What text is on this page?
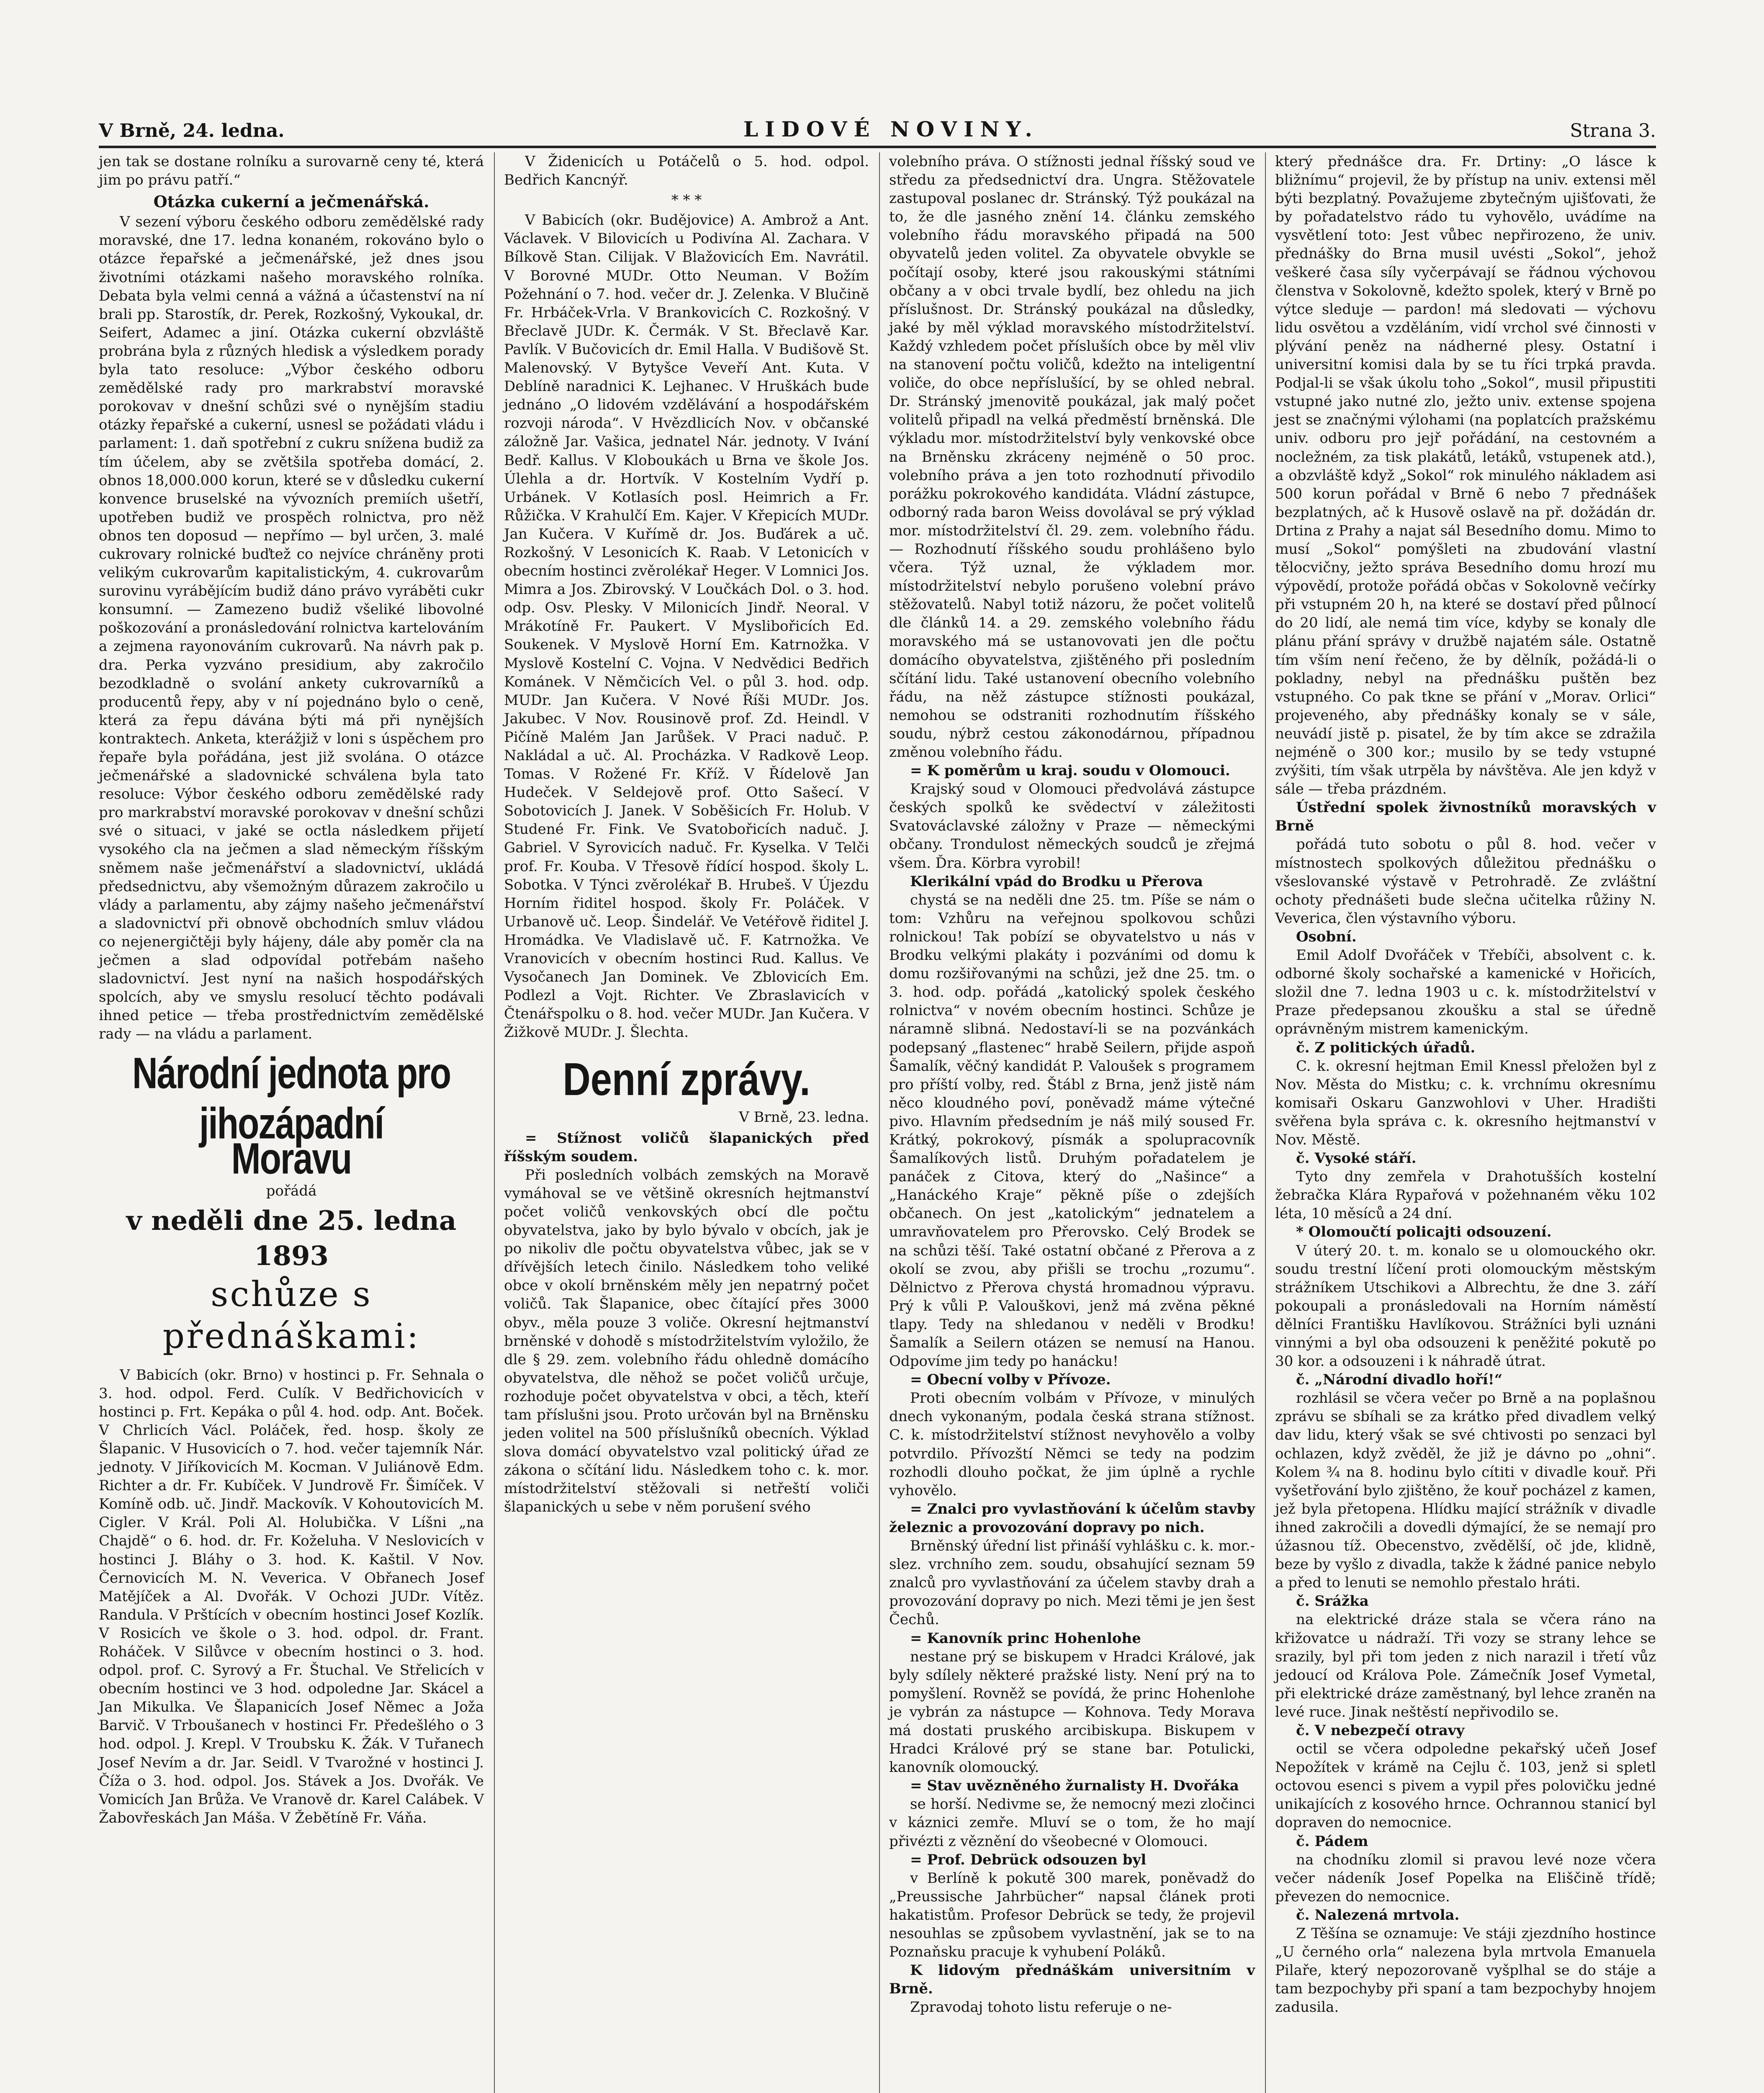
V Brně, 24. ledna.	LIDOVÉ NOVINY.	Strana 3.

jen tak se dostane rolníku a surovarně ceny té, která jim po právu patří.“

Otázka cukerní a ječmenářská.

V sezení výboru českého odboru zemědělské rady moravské, dne 17. ledna konaném, rokováno bylo o otázce řepařské a ječmenářské, jež dnes jsou životními otázkami našeho moravského rolníka. Debata byla velmi cenná a vážná a účastenství na ní brali pp. Starostík, dr. Perek, Rozkošný, Vykoukal, dr. Seifert, Adamec a jiní. Otázka cukerní obzvláště probrána byla z různých hledisk a výsledkem porady byla tato resoluce: „Výbor českého odboru zemědělské rady pro markrabství moravské porokovav v dnešní schůzi své o nynějším stadiu otázky řepařské a cukerní, usnesl se požádati vládu i parlament: 1. daň spotřební z cukru snížena budiž za tím účelem, aby se zvětšila spotřeba domácí, 2. obnos 18,000.000 korun, které se v důsledku cukerní konvence bruselské na vývozních premiích ušetří, upotřeben budiž ve prospěch rolnictva, pro něž obnos ten doposud — nepřímo — byl určen, 3. malé cukrovary rolnické buďtež co nejvíce chráněny proti velikým cukrovarům kapitalistickým, 4. cukrovarům surovinu vyrábějícím budiž dáno právo vyráběti cukr konsumní. — Zamezeno budiž všeliké libovolné poškozování a pronásledování rolnictva kartelováním a zejmena rayonováním cukrovarů. Na návrh pak p. dra. Perka vyzváno presidium, aby zakročilo bezodkladně o svolání ankety cukrovarníků a producentů řepy, aby v ní pojednáno bylo o ceně, která za řepu dávána býti má při nynějších kontraktech. Anketa, kterážjiž v loni s úspěchem pro řepaře byla pořádána, jest již svolána. O otázce ječmenářské a sladovnické schválena byla tato resoluce: Výbor českého odboru zemědělské rady pro markrabství moravské porokovav v dnešní schůzi své o situaci, v jaké se octla následkem přijetí vysokého cla na ječmen a slad německým říšským sněmem naše ječmenářství a sladovnictví, ukládá předsednictvu, aby všemožným důrazem zakročilo u vlády a parlamentu, aby zájmy našeho ječmenářství a sladovnictví při obnově obchodních smluv vládou co nejenergičtěji byly hájeny, dále aby poměr cla na ječmen a slad odpovídal potřebám našeho sladovnictví. Jest nyní na našich hospodářských spolcích, aby ve smyslu resolucí těchto podávali ihned petice — třeba prostřednictvím zemědělské rady — na vládu a parlament.

Národní jednota pro jihozápadní
Moravu
pořádá
v neděli dne 25. ledna 1893
schůze s přednáškami:

V Babicích (okr. Brno) v hostinci p. Fr. Sehnala o 3. hod. odpol. Ferd. Culík. V Bedřichovicích v hostinci p. Frt. Kepáka o půl 4. hod. odp. Ant. Boček. V Chrlicích Václ. Poláček, řed. hosp. školy ze Šlapanic. V Husovicích o 7. hod. večer tajemník Nár. jednoty. V Jiříkovicích M. Kocman. V Juliánově Edm. Richter a dr. Fr. Kubíček. V Jundrově Fr. Šimíček. V Komíně odb. uč. Jindř. Mackovík. V Kohoutovicích M. Cigler. V Král. Poli Al. Holubička. V Líšni „na Chajdě“ o 6. hod. dr. Fr. Koželuha. V Neslovicích v hostinci J. Bláhy o 3. hod. K. Kaštil. V Nov. Černovicích M. N. Veverica. V Obřanech Josef Matějíček a Al. Dvořák. V Ochozi JUDr. Vítěz. Randula. V Prštících v obecním hostinci Josef Kozlík. V Rosicích ve škole o 3. hod. odpol. dr. Frant. Roháček. V Silůvce v obecním hostinci o 3. hod. odpol. prof. C. Syrový a Fr. Štuchal. Ve Střelicích v obecním hostinci ve 3 hod. odpoledne Jar. Skácel a Jan Mikulka. Ve Šlapanicích Josef Němec a Joža Barvič. V Trboušanech v hostinci Fr. Předešlého o 3 hod. odpol. J. Krepl. V Troubsku K. Žák. V Tuřanech Josef Nevím a dr. Jar. Seidl. V Tvarožné v hostinci J. Číža o 3. hod. odpol. Jos. Stávek a Jos. Dvořák. Ve Vomicích Jan Brůža. Ve Vranově dr. Karel Calábek. V Žabovřeskách Jan Máša. V Žebětíně Fr. Váňa.

V Židenicích u Potáčelů o 5. hod. odpol. Bedřich Kancnýř.

* * *

V Babicích (okr. Budějovice) A. Ambrož a Ant. Václavek. V Bilovicích u Podivína Al. Zachara. V Bílkově Stan. Cilijak. V Blažovicích Em. Navrátil. V Borovné MUDr. Otto Neuman. V Božím Požehnání o 7. hod. večer dr. J. Zelenka. V Blučině Fr. Hrbáček-Vrla. V Brankovicích C. Rozkošný. V Břeclavě JUDr. K. Čermák. V St. Břeclavě Kar. Pavlík. V Bučovicích dr. Emil Halla. V Budišově St. Malenovský. V Bytyšce Veveří Ant. Kuta. V Deblíně naradnici K. Lejhanec. V Hruškách bude jednáno „O lidovém vzdělávání a hospodářském rozvoji národa“. V Hvězdlicích Nov. v občanské záložně Jar. Vašica, jednatel Nár. jednoty. V Ivání Bedř. Kallus. V Kloboukách u Brna ve škole Jos. Úlehla a dr. Hortvík. V Kostelním Vydří p. Urbánek. V Kotlasích posl. Heimrich a Fr. Růžička. V Krahulčí Em. Kajer. V Křepicích MUDr. Jan Kučera. V Kuřímě dr. Jos. Buďárek a uč. Rozkošný. V Lesonicích K. Raab. V Letonicích v obecním hostinci zvěrolékař Heger. V Lomnici Jos. Mimra a Jos. Zbirovský. V Loučkách Dol. o 3. hod. odp. Osv. Plesky. V Milonicích Jindř. Neoral. V Mrákotíně Fr. Paukert. V Myslibořicích Ed. Soukenek. V Myslově Horní Em. Katrnožka. V Myslově Kostelní C. Vojna. V Nedvědici Bedřich Kománek. V Němčicích Vel. o půl 3. hod. odp. MUDr. Jan Kučera. V Nové Říši MUDr. Jos. Jakubec. V Nov. Rousinově prof. Zd. Heindl. V Pičíně Malém Jan Jarůšek. V Praci naduč. P. Nakládal a uč. Al. Procházka. V Radkově Leop. Tomas. V Rožené Fr. Kříž. V Řídelově Jan Hudeček. V Seldejově prof. Otto Sašecí. V Sobotovicích J. Janek. V Soběšicích Fr. Holub. V Studené Fr. Fink. Ve Svatobořicích naduč. J. Gabriel. V Syrovicích naduč. Fr. Kyselka. V Telči prof. Fr. Kouba. V Třesově řídící hospod. školy L. Sobotka. V Týnci zvěrolékař B. Hrubeš. V Újezdu Horním řiditel hospod. školy Fr. Poláček. V Urbanově uč. Leop. Šindelář. Ve Vetéřově řiditel J. Hromádka. Ve Vladislavě uč. F. Katrnožka. Ve Vranovicích v obecním hostinci Rud. Kallus. Ve Vysočanech Jan Dominek. Ve Zblovicích Em. Podlezl a Vojt. Richter. Ve Zbraslavicích v Čtenářspolku o 8. hod. večer MUDr. Jan Kučera. V Žižkově MUDr. J. Šlechta.

Denní zprávy.
V Brně, 23. ledna.

= Stížnost voličů šlapanických před říšským soudem.

Při posledních volbách zemských na Moravě vymáhoval se ve většině okresních hejtmanství počet voličů venkovských obcí dle počtu obyvatelstva, jako by bylo bývalo v obcích, jak je po nikoliv dle počtu obyvatelstva vůbec, jak se v dřívějších letech činilo. Následkem toho veliké obce v okolí brněnském měly jen nepatrný počet voličů. Tak Šlapanice, obec čítající přes 3000 obyv., měla pouze 3 voliče. Okresní hejtmanství brněnské v dohodě s místodržitelstvím vyložilo, že dle § 29. zem. volebního řádu ohledně domácího obyvatelstva, dle něhož se počet voličů určuje, rozhoduje počet obyvatelstva v obci, a těch, kteří tam příslušni jsou. Proto určován byl na Brněnsku jeden volitel na 500 příslušníků obecních. Výklad slova domácí obyvatelstvo vzal politický úřad ze zákona o sčítání lidu. Následkem toho c. k. mor. místodržitelství stěžovali si netřeští voliči šlapanických u sebe v něm porušení svého

volebního práva. O stížnosti jednal říšský soud ve středu za předsednictví dra. Ungra. Stěžovatele zastupoval poslanec dr. Stránský. Týž poukázal na to, že dle jasného znění 14. článku zemského volebního řádu moravského připadá na 500 obyvatelů jeden volitel. Za obyvatele obvykle se počítají osoby, které jsou rakouskými státními občany a v obci trvale bydlí, bez ohledu na jich příslušnost. Dr. Stránský poukázal na důsledky, jaké by měl výklad moravského místodržitelství. Každý vzhledem počet přísluších obce by měl vliv na stanovení počtu voličů, kdežto na inteligentní voliče, do obce nepříslušící, by se ohled nebral. Dr. Stránský jmenovitě poukázal, jak malý počet volitelů připadl na velká předměstí brněnská. Dle výkladu mor. místodržitelství byly venkovské obce na Brněnsku zkráceny nejméně o 50 proc. volebního práva a jen toto rozhodnutí přivodilo porážku pokrokového kandidáta. Vládní zástupce, odborný rada baron Weiss dovolával se prý výklad mor. místodržitelství čl. 29. zem. volebního řádu. — Rozhodnutí říšského soudu prohlášeno bylo včera. Týž uznal, že výkladem mor. místodržitelství nebylo porušeno volební právo stěžovatelů. Nabyl totiž názoru, že počet volitelů dle článků 14. a 29. zemského volebního řádu moravského má se ustanovovati jen dle počtu domácího obyvatelstva, zjištěného při posledním sčítání lidu. Také ustanovení obecního volebního řádu, na něž zástupce stížnosti poukázal, nemohou se odstraniti rozhodnutím říšského soudu, nýbrž cestou zákonodárnou, případnou změnou volebního řádu.

= K poměrům u kraj. soudu v Olomouci.

Krajský soud v Olomouci předvolává zástupce českých spolků ke svědectví v záležitosti Svatováclavské záložny v Praze — německými občany. Trondulost německých soudců je zřejmá všem. Ďra. Körbra vyrobil!

Klerikální vpád do Brodku u Přerova

chystá se na neděli dne 25. tm. Píše se nám o tom: Vzhůru na veřejnou spolkovou schůzi rolnickou! Tak pobízí se obyvatelstvo u nás v Brodku velkými plakáty i pozváními od domu k domu rozšiřovanými na schůzi, jež dne 25. tm. o 3. hod. odp. pořádá „katolický spolek českého rolnictva“ v novém obecním hostinci. Schůze je náramně slibná. Nedostaví-li se na pozvánkách podepsaný „flastenec“ hrabě Seilern, přijde aspoň Šamalík, věčný kandidát P. Valoušek s programem pro příští volby, red. Štábl z Brna, jenž jistě nám něco kloudného poví, poněvadž máme výtečné pivo. Hlavním předsedním je náš milý soused Fr. Krátký, pokrokový, písmák a spolupracovník Šamalíkových listů. Druhým pořadatelem je panáček z Citova, který do „Našince“ a „Hanáckého Kraje“ pěkně píše o zdejších občanech. On jest „katolickým“ jednatelem a umravňovatelem pro Přerovsko. Celý Brodek se na schůzi těší. Také ostatní občané z Přerova a z okolí se zvou, aby přišli se trochu „rozumu“. Dělnictvo z Přerova chystá hromadnou výpravu. Prý k vůli P. Valouškovi, jenž má zvěna pěkné tlapy. Tedy na shledanou v neděli v Brodku! Šamalík a Seilern otázen se nemusí na Hanou. Odpovíme jim tedy po hanácku!

= Obecní volby v Přívoze.

Proti obecním volbám v Přívoze, v minulých dnech vykonaným, podala česká strana stížnost. C. k. místodržitelství stížnost nevyhovělo a volby potvrdilo. Přívozští Němci se tedy na podzim rozhodli dlouho počkat, že jim úplně a rychle vyhovělo.

= Znalci pro vyvlastňování k účelům stavby železnic a provozování dopravy po nich.

Brněnský úřední list přináší vyhlášku c. k. mor.-slez. vrchního zem. soudu, obsahující seznam 59 znalců pro vyvlastňování za účelem stavby drah a provozování dopravy po nich. Mezi těmi je jen šest Čechů.

= Kanovník princ Hohenlohe

nestane prý se biskupem v Hradci Králové, jak byly sdílely některé pražské listy. Není prý na to pomyšlení. Rovněž se povídá, že princ Hohenlohe je vybrán za nástupce — Kohnova. Tedy Morava má dostati pruského arcibiskupa. Biskupem v Hradci Králové prý se stane bar. Potulicki, kanovník olomoucký.

= Stav uvězněného žurnalisty H. Dvořáka

se horší. Nedivme se, že nemocný mezi zločinci v káznici zemře. Mluví se o tom, že ho mají přivézti z věznění do všeobecné v Olomouci.

= Prof. Debrück odsouzen byl

v Berlíně k pokutě 300 marek, poněvadž do „Preussische Jahrbücher“ napsal článek proti hakatistům. Profesor Debrück se tedy, že projevil nesouhlas se způsobem vyvlastnění, jak se to na Poznaňsku pracuje k vyhubení Poláků.

K lidovým přednáškám universitním v Brně.

Zpravodaj tohoto listu referuje o ne-

který přednášce dra. Fr. Drtiny: „O lásce k bližnímu“ projevil, že by přístup na univ. extensi měl býti bezplatný. Považujeme zbytečným ujišťovati, že by pořadatelstvo rádo tu vyhovělo, uvádíme na vysvětlení toto: Jest vůbec nepřirozeno, že univ. přednášky do Brna musil uvésti „Sokol“, jehož veškeré časa síly vyčerpávají se řádnou výchovou členstva v Sokolovně, kdežto spolek, který v Brně po výtce sleduje — pardon! má sledovati — výchovu lidu osvětou a vzděláním, vidí vrchol své činnosti v plývání peněz na nádherné plesy. Ostatní i universitní komisi dala by se tu říci trpká pravda. Podjal-li se však úkolu toho „Sokol“, musil připustiti vstupné jako nutné zlo, ježto univ. extense spojena jest se značnými výlohami (na poplatcích pražskému univ. odboru pro jejř pořádání, na cestovném a nocležném, za tisk plakátů, letáků, vstupenek atd.), a obzvláště když „Sokol“ rok minulého nákladem asi 500 korun pořádal v Brně 6 nebo 7 přednášek bezplatných, ač k Husově oslavě na př. dožádán dr. Drtina z Prahy a najat sál Besedního domu. Mimo to musí „Sokol“ pomýšleti na zbudování vlastní tělocvičny, ježto správa Besedního domu hrozí mu výpovědí, protože pořádá občas v Sokolovně večírky při vstupném 20 h, na které se dostaví před půlnocí do 20 lidí, ale nemá tim více, kdyby se konaly dle plánu přání správy v družbě najatém sále. Ostatně tím vším není řečeno, že by dělník, požádá-li o pokladny, nebyl na přednášku puštěn bez vstupného. Co pak tkne se přání v „Morav. Orlici“ projeveného, aby přednášky konaly se v sále, neuvádí jistě p. pisatel, že by tím akce se zdražila nejméně o 300 kor.; musilo by se tedy vstupné zvýšiti, tím však utrpěla by návštěva. Ale jen když v sále — třeba prázdném.

Ústřední spolek živnostníků moravských v Brně

pořádá tuto sobotu o půl 8. hod. večer v místnostech spolkových důležitou přednášku o všeslovanské výstavě v Petrohradě. Ze zvláštní ochoty přednášeti bude slečna učitelka růžiny N. Veverica, člen výstavního výboru.

Osobní.

Emil Adolf Dvořáček v Třebíči, absolvent c. k. odborné školy sochařské a kamenické v Hořicích, složil dne 7. ledna 1903 u c. k. místodržitelství v Praze předepsanou zkoušku a stal se úředně oprávněným mistrem kamenickým.

č. Z politických úřadů.

C. k. okresní hejtman Emil Knessl přeložen byl z Nov. Města do Mistku; c. k. vrchnímu okresnímu komisaři Oskaru Ganzwohlovi v Uher. Hradišti svěřena byla správa c. k. okresního hejtmanství v Nov. Městě.

č. Vysoké stáří.

Tyto dny zemřela v Drahotušších kostelní žebračka Klára Rypařová v požehnaném věku 102 léta, 10 měsíců a 24 dní.

* Olomoučtí policajti odsouzení.

V úterý 20. t. m. konalo se u olomouckého okr. soudu trestní líčení proti olomouckým městským strážníkem Utschikovi a Albrechtu, že dne 3. září pokoupali a pronásledovali na Horním náměstí dělníci Františku Havlíkovou. Strážníci byli uznáni vinnými a byl oba odsouzeni k peněžité pokutě po 30 kor. a odsouzeni i k náhradě útrat.

č. „Národní divadlo hoří!“

rozhlásil se včera večer po Brně a na poplašnou zprávu se sbíhali se za krátko před divadlem velký dav lidu, který však se své chtivosti po senzaci byl ochlazen, když zvěděl, že již je dávno po „ohni“. Kolem ¾ na 8. hodinu bylo cítiti v divadle kouř. Při vyšetřování bylo zjištěno, že kouř pocházel z kamen, jež byla přetopena. Hlídku mající strážník v divadle ihned zakročili a dovedli dýmající, že se nemají pro úžasnou tíž. Obecenstvo, zvědělší, oč jde, klidně, beze by vyšlo z divadla, takže k žádné panice nebylo a před to lenuti se nemohlo přestalo hráti.

č. Srážka

na elektrické dráze stala se včera ráno na křižovatce u nádraží. Tři vozy se strany lehce se srazily, byl při tom jeden z nich narazil i třetí vůz jedoucí od Králova Pole. Zámečník Josef Vymetal, při elektrické dráze zaměstnaný, byl lehce zraněn na levé ruce. Jinak neštěstí nepřivodilo se.

č. V nebezpečí otravy

octil se včera odpoledne pekařský učeň Josef Nepožítek v krámě na Cejlu č. 103, jenž si spletl octovou esenci s pivem a vypil přes polovičku jedné unikajících z kosového hrnce. Ochrannou stanicí byl dopraven do nemocnice.

č. Pádem

na chodníku zlomil si pravou levé noze včera večer nádeník Josef Popelka na Eliščině třídě; převezen do nemocnice.

č. Nalezená mrtvola.

Z Těšína se oznamuje: Ve stáji zjezdního hostince „U černého orla“ nalezena byla mrtvola Emanuela Pilaře, který nepozorovaně vyšplhal se do stáje a tam bezpochyby při spaní a tam bezpochyby hnojem zadusila.
